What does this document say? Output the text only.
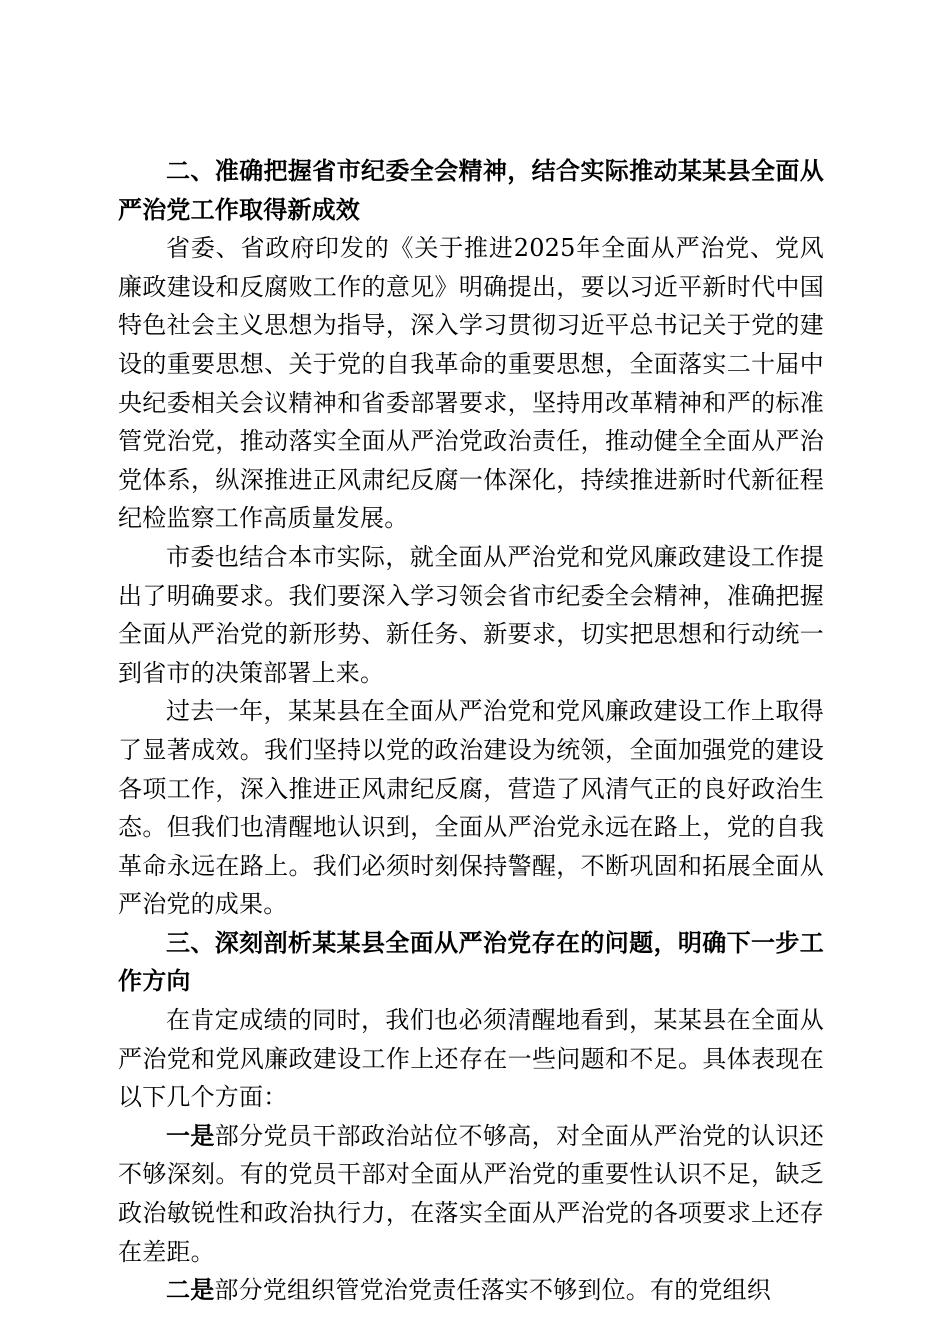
二、准确把握省市纪委全会精神，结合实际推动某某县全面从严治党工作取得新成效

省委、省政府印发的《关于推进2025年全面从严治党、党风廉政建设和反腐败工作的意见》明确提出，要以习近平新时代中国特色社会主义思想为指导，深入学习贯彻习近平总书记关于党的建设的重要思想、关于党的自我革命的重要思想，全面落实二十届中央纪委相关会议精神和省委部署要求，坚持用改革精神和严的标准管党治党，推动落实全面从严治党政治责任，推动健全全面从严治党体系，纵深推进正风肃纪反腐一体深化，持续推进新时代新征程纪检监察工作高质量发展。

市委也结合本市实际，就全面从严治党和党风廉政建设工作提出了明确要求。我们要深入学习领会省市纪委全会精神，准确把握全面从严治党的新形势、新任务、新要求，切实把思想和行动统一到省市的决策部署上来。

过去一年，某某县在全面从严治党和党风廉政建设工作上取得了显著成效。我们坚持以党的政治建设为统领，全面加强党的建设各项工作，深入推进正风肃纪反腐，营造了风清气正的良好政治生态。但我们也清醒地认识到，全面从严治党永远在路上，党的自我革命永远在路上。我们必须时刻保持警醒，不断巩固和拓展全面从严治党的成果。

三、深刻剖析某某县全面从严治党存在的问题，明确下一步工作方向

在肯定成绩的同时，我们也必须清醒地看到，某某县在全面从严治党和党风廉政建设工作上还存在一些问题和不足。具体表现在以下几个方面：

一是部分党员干部政治站位不够高，对全面从严治党的认识还不够深刻。有的党员干部对全面从严治党的重要性认识不足，缺乏政治敏锐性和政治执行力，在落实全面从严治党的各项要求上还存在差距。

二是部分党组织管党治党责任落实不够到位。有的党组织
